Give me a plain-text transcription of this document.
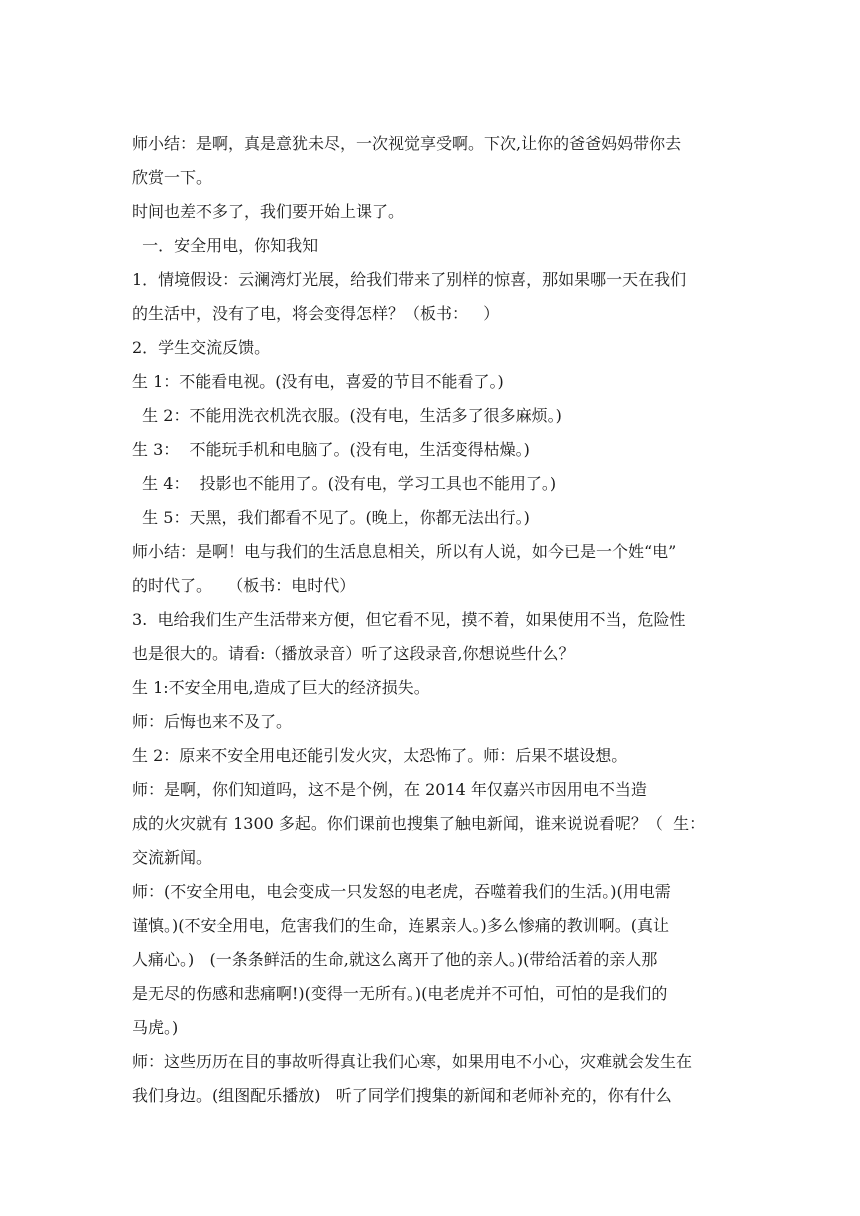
师小结：是啊，真是意犹未尽，一次视觉享受啊。下次,让你的爸爸妈妈带你去
欣赏一下。
时间也差不多了，我们要开始上课了。
一．安全用电，你知我知
1．情境假设：云澜湾灯光展，给我们带来了别样的惊喜，那如果哪一天在我们
的生活中，没有了电，将会变得怎样？（板书：   ）
2．学生交流反馈。
生 1：不能看电视。(没有电，喜爱的节目不能看了。)
生 2：不能用洗衣机洗衣服。(没有电，生活多了很多麻烦。)
生 3：  不能玩手机和电脑了。(没有电，生活变得枯燥。)
生 4：  投影也不能用了。(没有电，学习工具也不能用了。)
生 5：天黑，我们都看不见了。(晚上，你都无法出行。)
师小结：是啊！电与我们的生活息息相关，所以有人说，如今已是一个姓“电”
的时代了。   （板书：电时代）
3.  电给我们生产生活带来方便，但它看不见，摸不着，如果使用不当，危险性
也是很大的。请看:（播放录音）听了这段录音,你想说些什么？
生 1:不安全用电,造成了巨大的经济损失。
师：后悔也来不及了。
生 2：原来不安全用电还能引发火灾，太恐怖了。师：后果不堪设想。
师：是啊，你们知道吗，这不是个例，在 2014 年仅嘉兴市因用电不当造
成的火灾就有 1300 多起。你们课前也搜集了触电新闻，谁来说说看呢？（  生：
交流新闻。
师：(不安全用电，电会变成一只发怒的电老虎，吞噬着我们的生活。)(用电需
谨慎。)(不安全用电，危害我们的生命，连累亲人。)多么惨痛的教训啊。(真让
人痛心。)   (一条条鲜活的生命,就这么离开了他的亲人。)(带给活着的亲人那
是无尽的伤感和悲痛啊!)(变得一无所有。)(电老虎并不可怕，可怕的是我们的
马虎。)
师：这些历历在目的事故听得真让我们心寒，如果用电不小心，灾难就会发生在
我们身边。(组图配乐播放)   听了同学们搜集的新闻和老师补充的，你有什么
